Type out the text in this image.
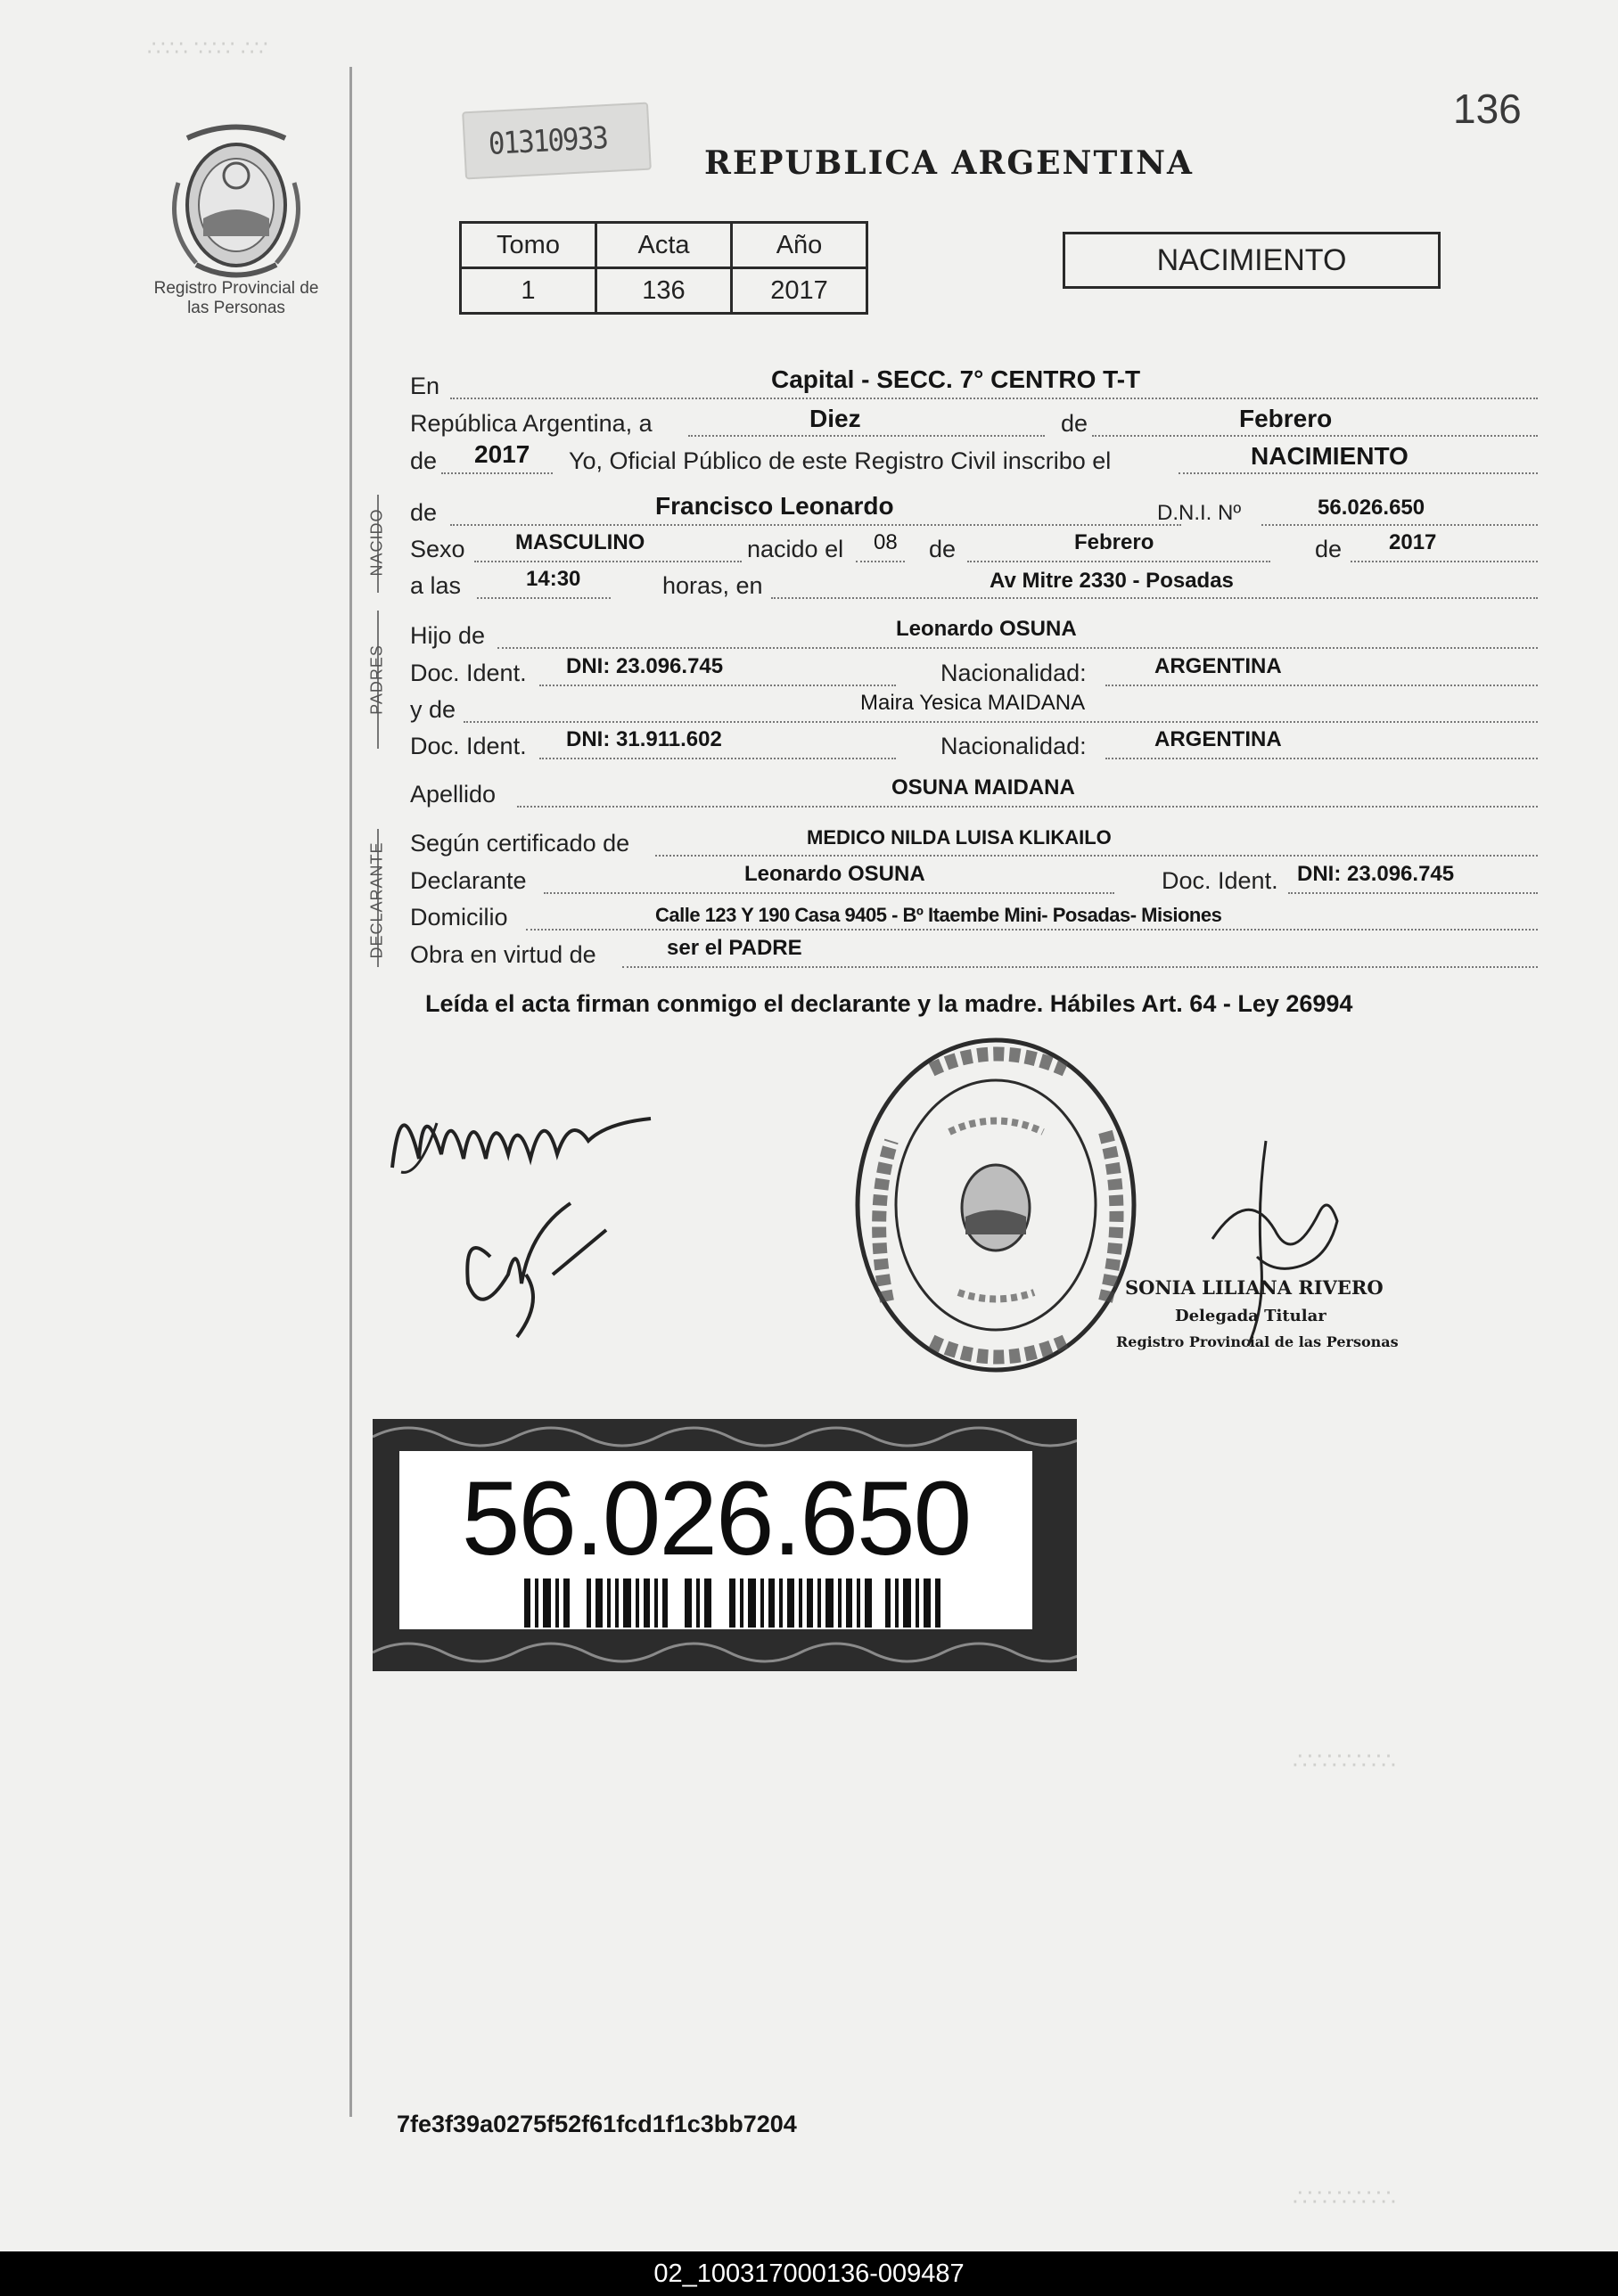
∴∵∴ ∵∴∵ ∴∵
∴∵∴∵∴∵∴
∴∵∴∵∴∵∴
Registro Provincial de las Personas
01310933
136
REPUBLICA ARGENTINA
Tomo	Acta	Año
1	136	2017
NACIMIENTO
NACIDO
PADRES
DECLARANTE
En	Capital - SECC. 7° CENTRO T-T
República Argentina, a	Diez	de	Febrero
de 2017 Yo, Oficial Público de este Registro Civil inscribo el	NACIMIENTO
de	Francisco Leonardo	D.N.I. Nº	56.026.650
Sexo MASCULINO	nacido el 08 de	Febrero	de 2017
a las	14:30	horas, en	Av Mitre 2330 - Posadas
Hijo de	Leonardo OSUNA
Doc. Ident. DNI: 23.096.745	Nacionalidad:	ARGENTINA
y de	Maira Yesica MAIDANA
Doc. Ident. DNI: 31.911.602	Nacionalidad:	ARGENTINA
Apellido	OSUNA MAIDANA
Según certificado de	MEDICO NILDA LUISA KLIKAILO
Declarante	Leonardo OSUNA	Doc. Ident. DNI: 23.096.745
Domicilio	Calle 123 Y 190 Casa 9405 - Bº Itaembe Mini- Posadas- Misiones
Obra en virtud de	ser el PADRE
Leída el acta firman conmigo el declarante y la madre. Hábiles Art. 64 - Ley 26994
SONIA LILIANA RIVERO
Delegada Titular
Registro Provincial de las Personas
56.026.650
7fe3f39a0275f52f61fcd1f1c3bb7204
02_100317000136-009487
